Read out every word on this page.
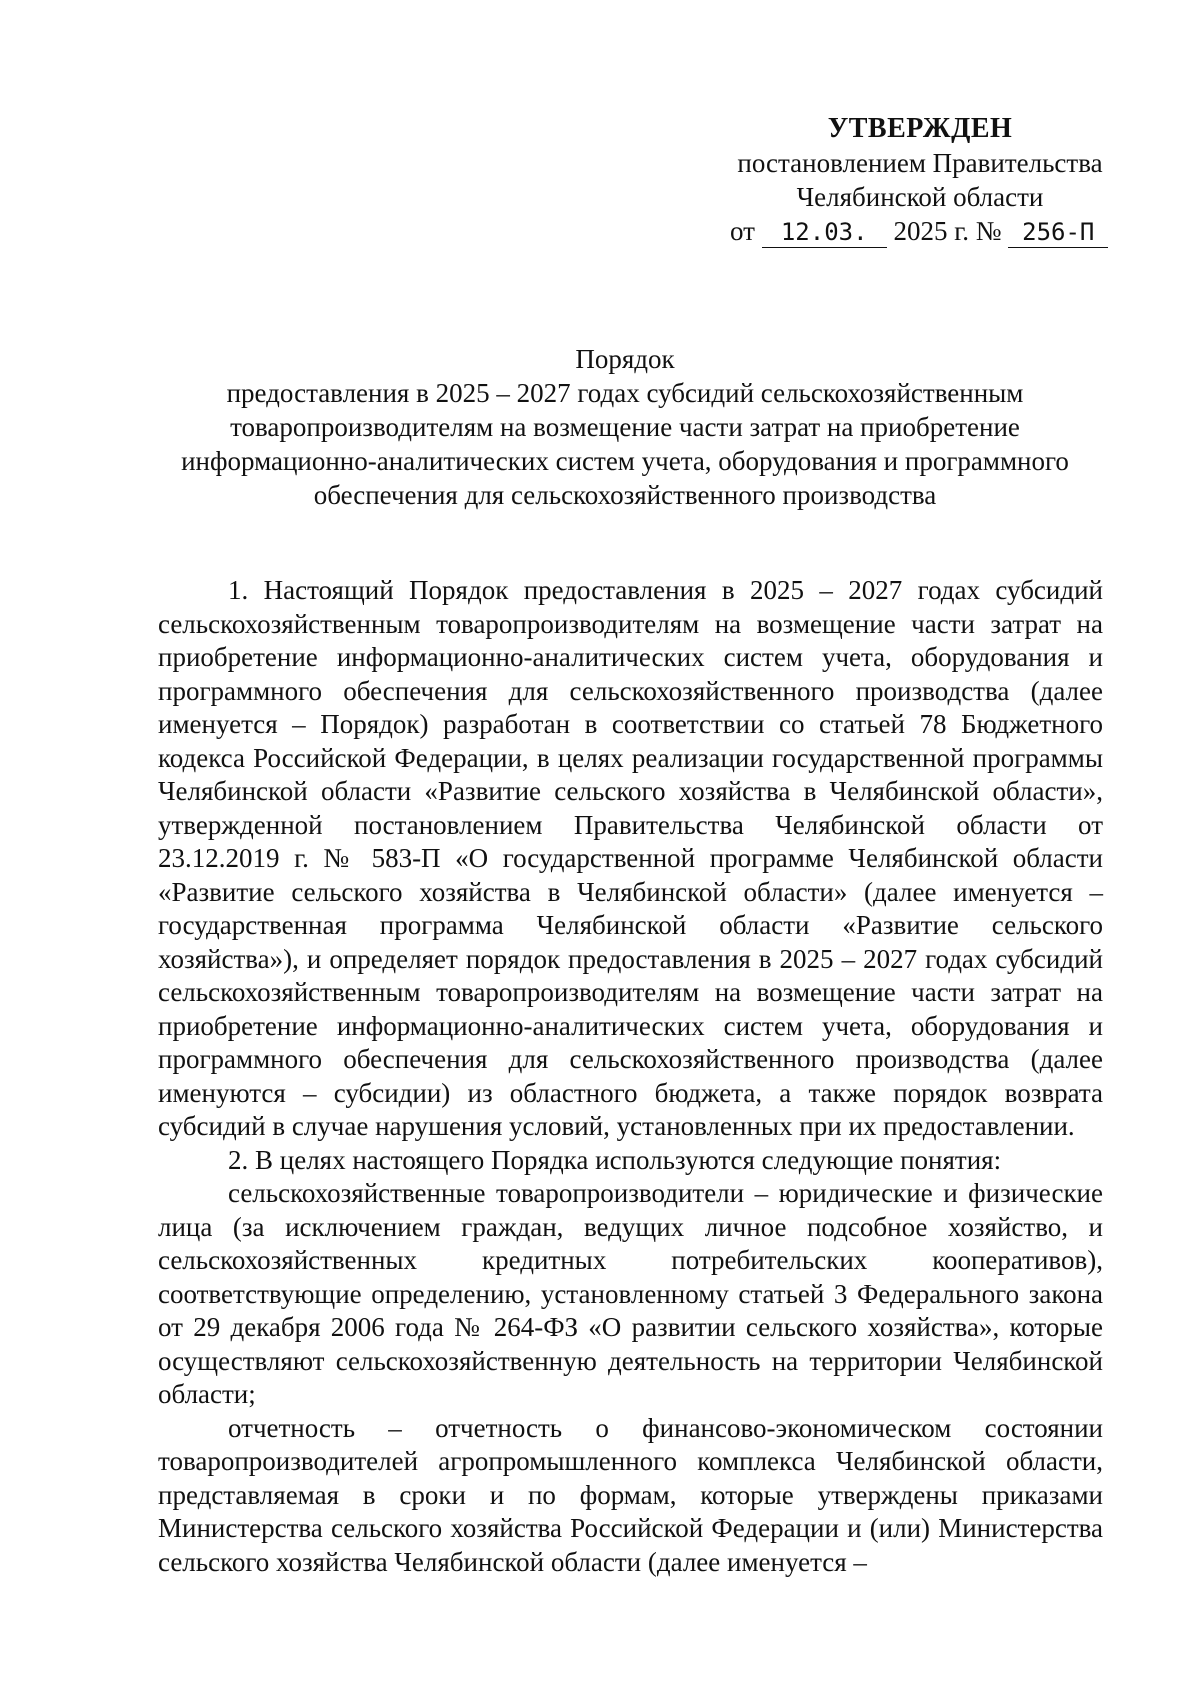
УТВЕРЖДЕН
постановлением Правительства
Челябинской области
от 12.03. 2025 г. № 256-П
Порядок
предоставления в 2025 – 2027 годах субсидий сельскохозяйственным товаропроизводителям на возмещение части затрат на приобретение информационно-аналитических систем учета, оборудования и программного обеспечения для сельскохозяйственного производства

1. Настоящий Порядок предоставления в 2025 – 2027 годах субсидий сельскохозяйственным товаропроизводителям на возмещение части затрат на приобретение информационно-аналитических систем учета, оборудования и программного обеспечения для сельскохозяйственного производства (далее именуется – Порядок) разработан в соответствии со статьей 78 Бюджетного кодекса Российской Федерации, в целях реализации государственной программы Челябинской области «Развитие сельского хозяйства в Челябинской области», утвержденной постановлением Правительства Челябинской области от 23.12.2019 г. № 583-П «О государственной программе Челябинской области «Развитие сельского хозяйства в Челябинской области» (далее именуется – государственная программа Челябинской области «Развитие сельского хозяйства»), и определяет порядок предоставления в 2025 – 2027 годах субсидий сельскохозяйственным товаропроизводителям на возмещение части затрат на приобретение информационно-аналитических систем учета, оборудования и программного обеспечения для сельскохозяйственного производства (далее именуются – субсидии) из областного бюджета, а также порядок возврата субсидий в случае нарушения условий, установленных при их предоставлении.

2. В целях настоящего Порядка используются следующие понятия:

сельскохозяйственные товаропроизводители – юридические и физические лица (за исключением граждан, ведущих личное подсобное хозяйство, и сельскохозяйственных кредитных потребительских кооперативов), соответствующие определению, установленному статьей 3 Федерального закона от 29 декабря 2006 года № 264-ФЗ «О развитии сельского хозяйства», которые осуществляют сельскохозяйственную деятельность на территории Челябинской области;

отчетность – отчетность о финансово-экономическом состоянии товаропроизводителей агропромышленного комплекса Челябинской области, представляемая в сроки и по формам, которые утверждены приказами Министерства сельского хозяйства Российской Федерации и (или) Министерства сельского хозяйства Челябинской области (далее именуется –
